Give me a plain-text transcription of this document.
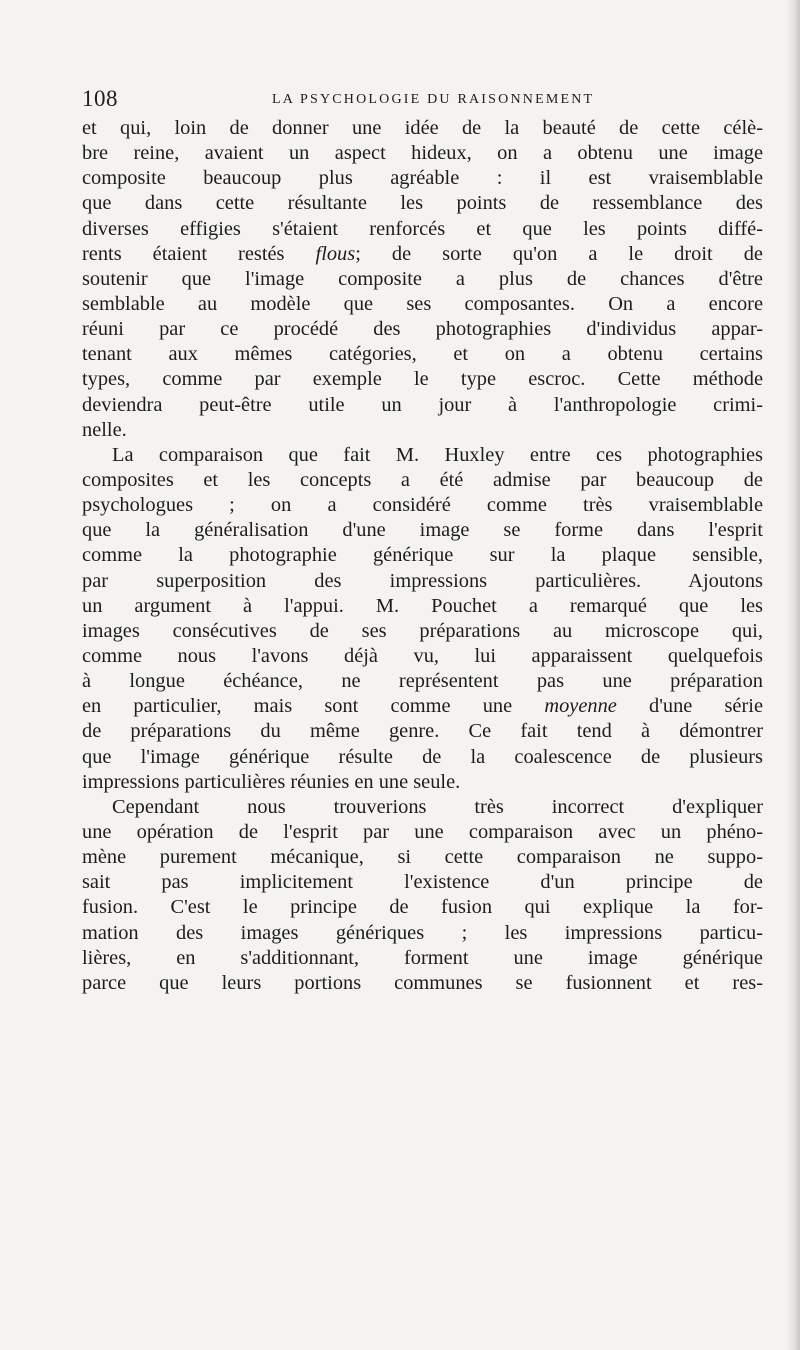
108	LA PSYCHOLOGIE DU RAISONNEMENT
et qui, loin de donner une idée de la beauté de cette célè-
bre reine, avaient un aspect hideux, on a obtenu une image
composite beaucoup plus agréable : il est vraisemblable
que dans cette résultante les points de ressemblance des
diverses effigies s'étaient renforcés et que les points diffé-
rents étaient restés flous; de sorte qu'on a le droit de
soutenir que l'image composite a plus de chances d'être
semblable au modèle que ses composantes. On a encore
réuni par ce procédé des photographies d'individus appar-
tenant aux mêmes catégories, et on a obtenu certains
types, comme par exemple le type escroc. Cette méthode
deviendra peut-être utile un jour à l'anthropologie crimi-
nelle.
La comparaison que fait M. Huxley entre ces photographies
composites et les concepts a été admise par beaucoup de
psychologues ; on a considéré comme très vraisemblable
que la généralisation d'une image se forme dans l'esprit
comme la photographie générique sur la plaque sensible,
par superposition des impressions particulières. Ajoutons
un argument à l'appui. M. Pouchet a remarqué que les
images consécutives de ses préparations au microscope qui,
comme nous l'avons déjà vu, lui apparaissent quelquefois
à longue échéance, ne représentent pas une préparation
en particulier, mais sont comme une moyenne d'une série
de préparations du même genre. Ce fait tend à démontrer
que l'image générique résulte de la coalescence de plusieurs
impressions particulières réunies en une seule.
Cependant nous trouverions très incorrect d'expliquer
une opération de l'esprit par une comparaison avec un phéno-
mène purement mécanique, si cette comparaison ne suppo-
sait pas implicitement l'existence d'un principe de
fusion. C'est le principe de fusion qui explique la for-
mation des images génériques ; les impressions particu-
lières, en s'additionnant, forment une image générique
parce que leurs portions communes se fusionnent et res-
